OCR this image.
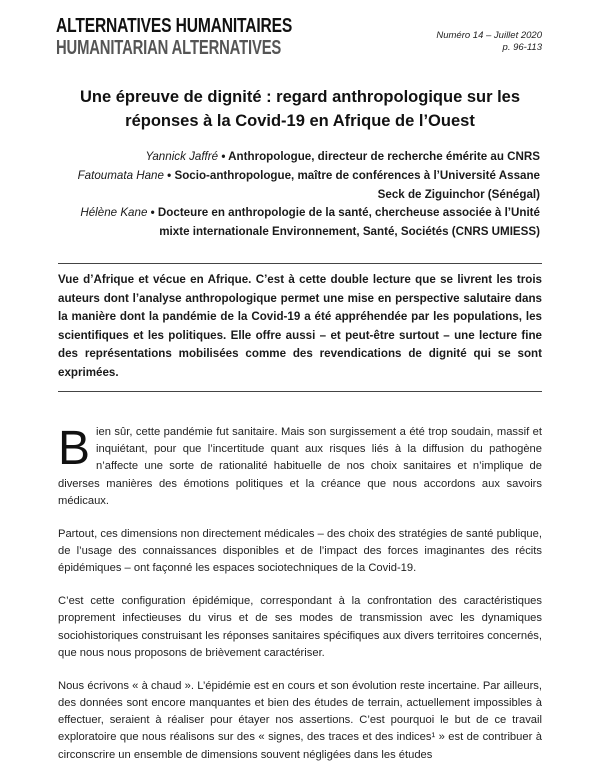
ALTERNATIVES HUMANITAIRES
HUMANITARIAN ALTERNATIVES
Numéro 14 – Juillet 2020
p. 96-113
Une épreuve de dignité : regard anthropologique sur les réponses à la Covid-19 en Afrique de l’Ouest
Yannick Jaffré • Anthropologue, directeur de recherche émérite au CNRS
Fatoumata Hane • Socio-anthropologue, maître de conférences à l’Université Assane Seck de Ziguinchor (Sénégal)
Hélène Kane • Docteure en anthropologie de la santé, chercheuse associée à l’Unité mixte internationale Environnement, Santé, Sociétés (CNRS UMIESS)
Vue d’Afrique et vécue en Afrique. C’est à cette double lecture que se livrent les trois auteurs dont l’analyse anthropologique permet une mise en perspective salutaire dans la manière dont la pandémie de la Covid-19 a été appréhendée par les populations, les scientifiques et les politiques. Elle offre aussi – et peut-être surtout – une lecture fine des représentations mobilisées comme des revendications de dignité qui se sont exprimées.

Bien sûr, cette pandémie fut sanitaire. Mais son surgissement a été trop soudain, massif et inquiétant, pour que l’incertitude quant aux risques liés à la diffusion du pathogène n’affecte une sorte de rationalité habituelle de nos choix sanitaires et n’implique de diverses manières des émotions politiques et la créance que nous accordons aux savoirs médicaux.

Partout, ces dimensions non directement médicales – des choix des stratégies de santé publique, de l’usage des connaissances disponibles et de l’impact des forces imaginantes des récits épidémiques – ont façonné les espaces sociotechniques de la Covid-19.

C’est cette configuration épidémique, correspondant à la confrontation des caractéristiques proprement infectieuses du virus et de ses modes de transmission avec les dynamiques sociohistoriques construisant les réponses sanitaires spécifiques aux divers territoires concernés, que nous nous proposons de brièvement caractériser.

Nous écrivons « à chaud ». L’épidémie est en cours et son évolution reste incertaine. Par ailleurs, des données sont encore manquantes et bien des études de terrain, actuellement impossibles à effectuer, seraient à réaliser pour étayer nos assertions. C’est pourquoi le but de ce travail exploratoire que nous réalisons sur des « signes, des traces et des indices¹ » est de contribuer à circonscrire un ensemble de dimensions souvent négligées dans les études
